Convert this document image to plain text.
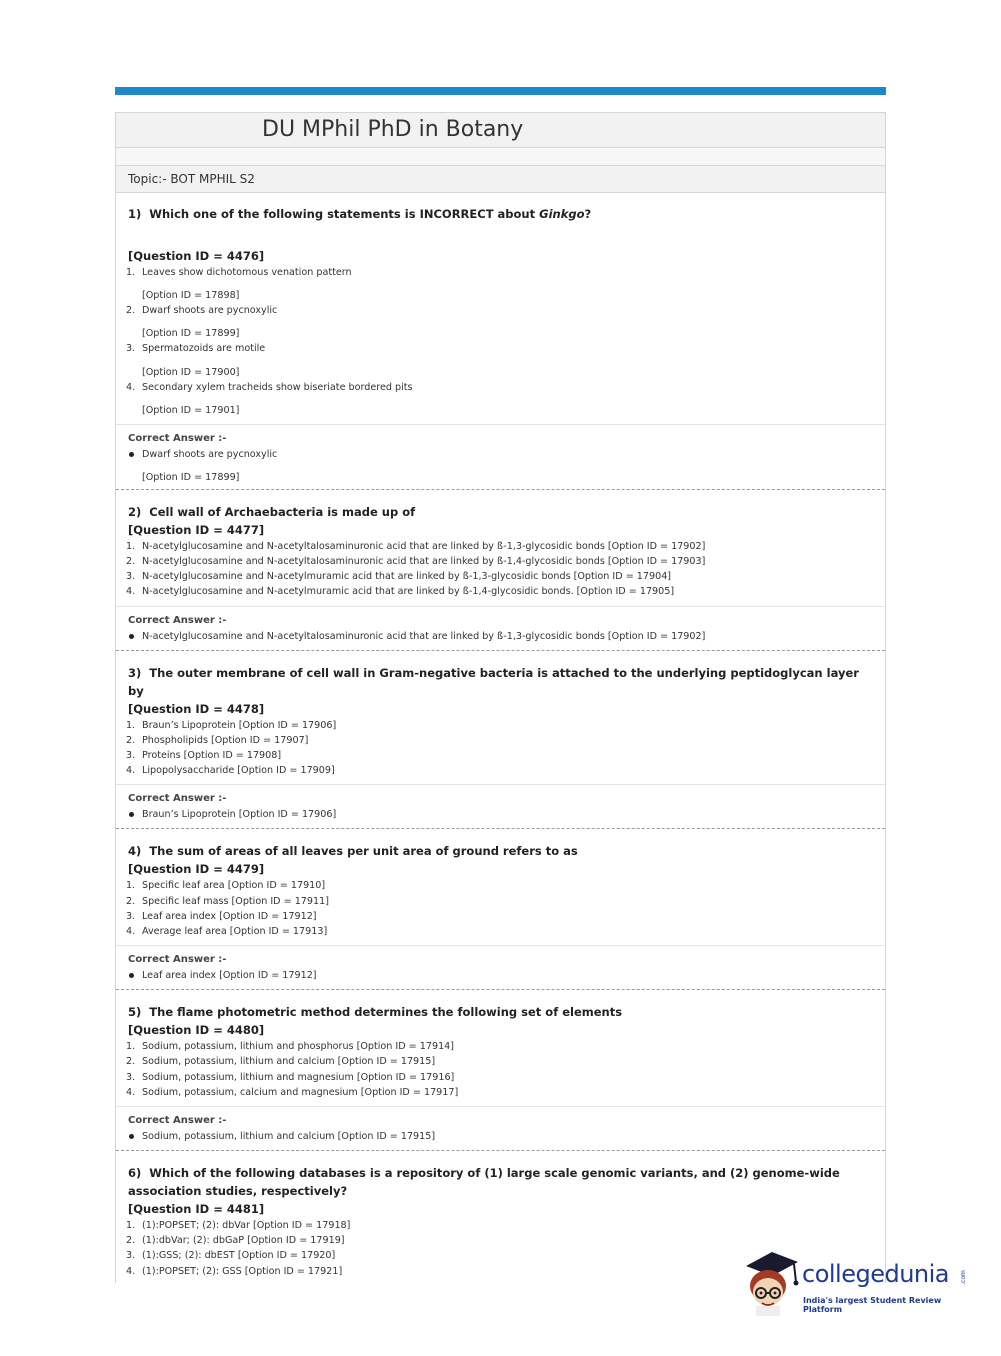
DU MPhil PhD in Botany
Topic:- BOT MPHIL S2
1) Which one of the following statements is INCORRECT about Ginkgo?
[Question ID = 4476]
1. Leaves show dichotomous venation pattern
[Option ID = 17898]
2. Dwarf shoots are pycnoxylic
[Option ID = 17899]
3. Spermatozoids are motile
[Option ID = 17900]
4. Secondary xylem tracheids show biseriate bordered pits
[Option ID = 17901]
Correct Answer :-
Dwarf shoots are pycnoxylic
[Option ID = 17899]
2) Cell wall of Archaebacteria is made up of
[Question ID = 4477]
1. N-acetylglucosamine and N-acetyltalosaminuronic acid that are linked by ß-1,3-glycosidic bonds [Option ID = 17902]
2. N-acetylglucosamine and N-acetyltalosaminuronic acid that are linked by ß-1,4-glycosidic bonds [Option ID = 17903]
3. N-acetylglucosamine and N-acetylmuramic acid that are linked by ß-1,3-glycosidic bonds [Option ID = 17904]
4. N-acetylglucosamine and N-acetylmuramic acid that are linked by ß-1,4-glycosidic bonds. [Option ID = 17905]
Correct Answer :-
N-acetylglucosamine and N-acetyltalosaminuronic acid that are linked by ß-1,3-glycosidic bonds [Option ID = 17902]
3) The outer membrane of cell wall in Gram-negative bacteria is attached to the underlying peptidoglycan layer by
[Question ID = 4478]
1. Braun’s Lipoprotein [Option ID = 17906]
2. Phospholipids [Option ID = 17907]
3. Proteins [Option ID = 17908]
4. Lipopolysaccharide [Option ID = 17909]
Correct Answer :-
Braun’s Lipoprotein [Option ID = 17906]
4) The sum of areas of all leaves per unit area of ground refers to as
[Question ID = 4479]
1. Specific leaf area [Option ID = 17910]
2. Specific leaf mass [Option ID = 17911]
3. Leaf area index [Option ID = 17912]
4. Average leaf area [Option ID = 17913]
Correct Answer :-
Leaf area index [Option ID = 17912]
5) The flame photometric method determines the following set of elements
[Question ID = 4480]
1. Sodium, potassium, lithium and phosphorus [Option ID = 17914]
2. Sodium, potassium, lithium and calcium [Option ID = 17915]
3. Sodium, potassium, lithium and magnesium [Option ID = 17916]
4. Sodium, potassium, calcium and magnesium [Option ID = 17917]
Correct Answer :-
Sodium, potassium, lithium and calcium [Option ID = 17915]
6) Which of the following databases is a repository of (1) large scale genomic variants, and (2) genome-wide association studies, respectively?
[Question ID = 4481]
1. (1):POPSET; (2): dbVar [Option ID = 17918]
2. (1):dbVar; (2): dbGaP [Option ID = 17919]
3. (1):GSS; (2): dbEST [Option ID = 17920]
4. (1):POPSET; (2): GSS [Option ID = 17921]	collegedunia .com
India's largest Student Review Platform
